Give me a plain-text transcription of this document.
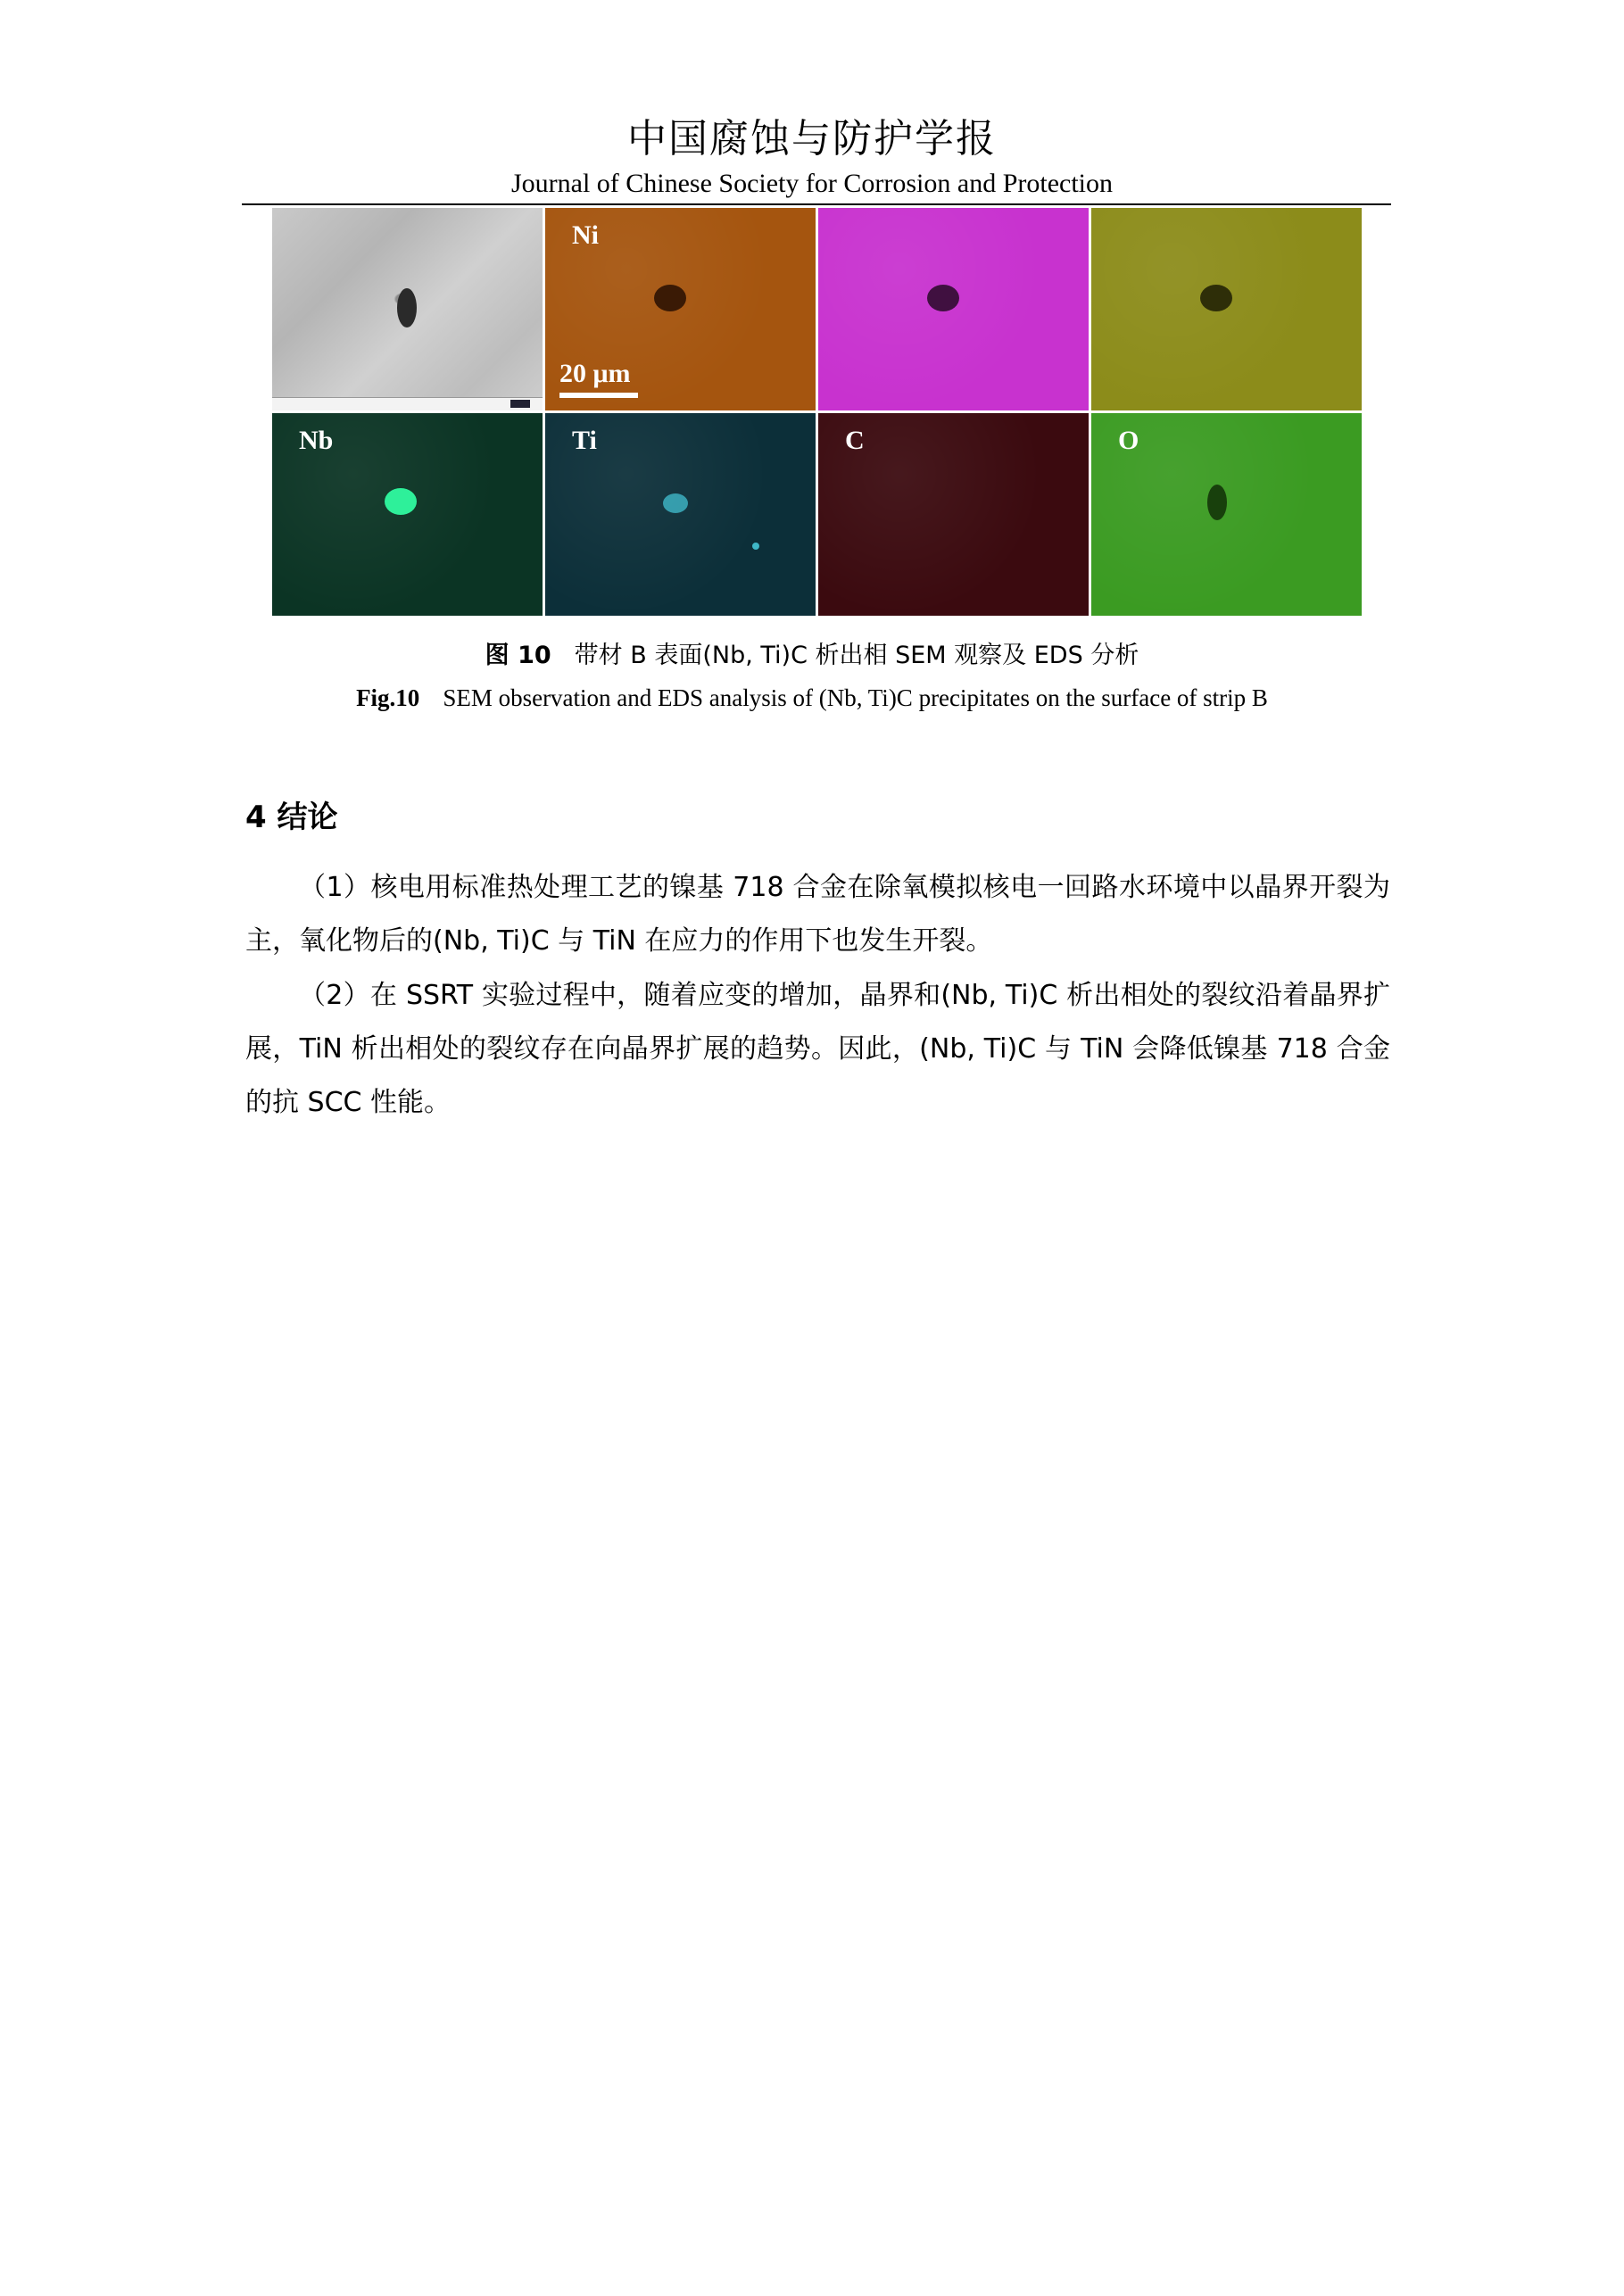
中国腐蚀与防护学报
Journal of Chinese Society for Corrosion and Protection
Ni
20 μm
Nb	Ti	C	O
图 10 带材 B 表面(Nb, Ti)C 析出相 SEM 观察及 EDS 分析
Fig.10 SEM observation and EDS analysis of (Nb, Ti)C precipitates on the surface of strip B
4 结论

（1）核电用标准热处理工艺的镍基 718 合金在除氧模拟核电一回路水环境中以晶界开裂为主，氧化物后的(Nb, Ti)C 与 TiN 在应力的作用下也发生开裂。

（2）在 SSRT 实验过程中，随着应变的增加，晶界和(Nb, Ti)C 析出相处的裂纹沿着晶界扩展，TiN 析出相处的裂纹存在向晶界扩展的趋势。因此，(Nb, Ti)C 与 TiN 会降低镍基 718 合金的抗 SCC 性能。
